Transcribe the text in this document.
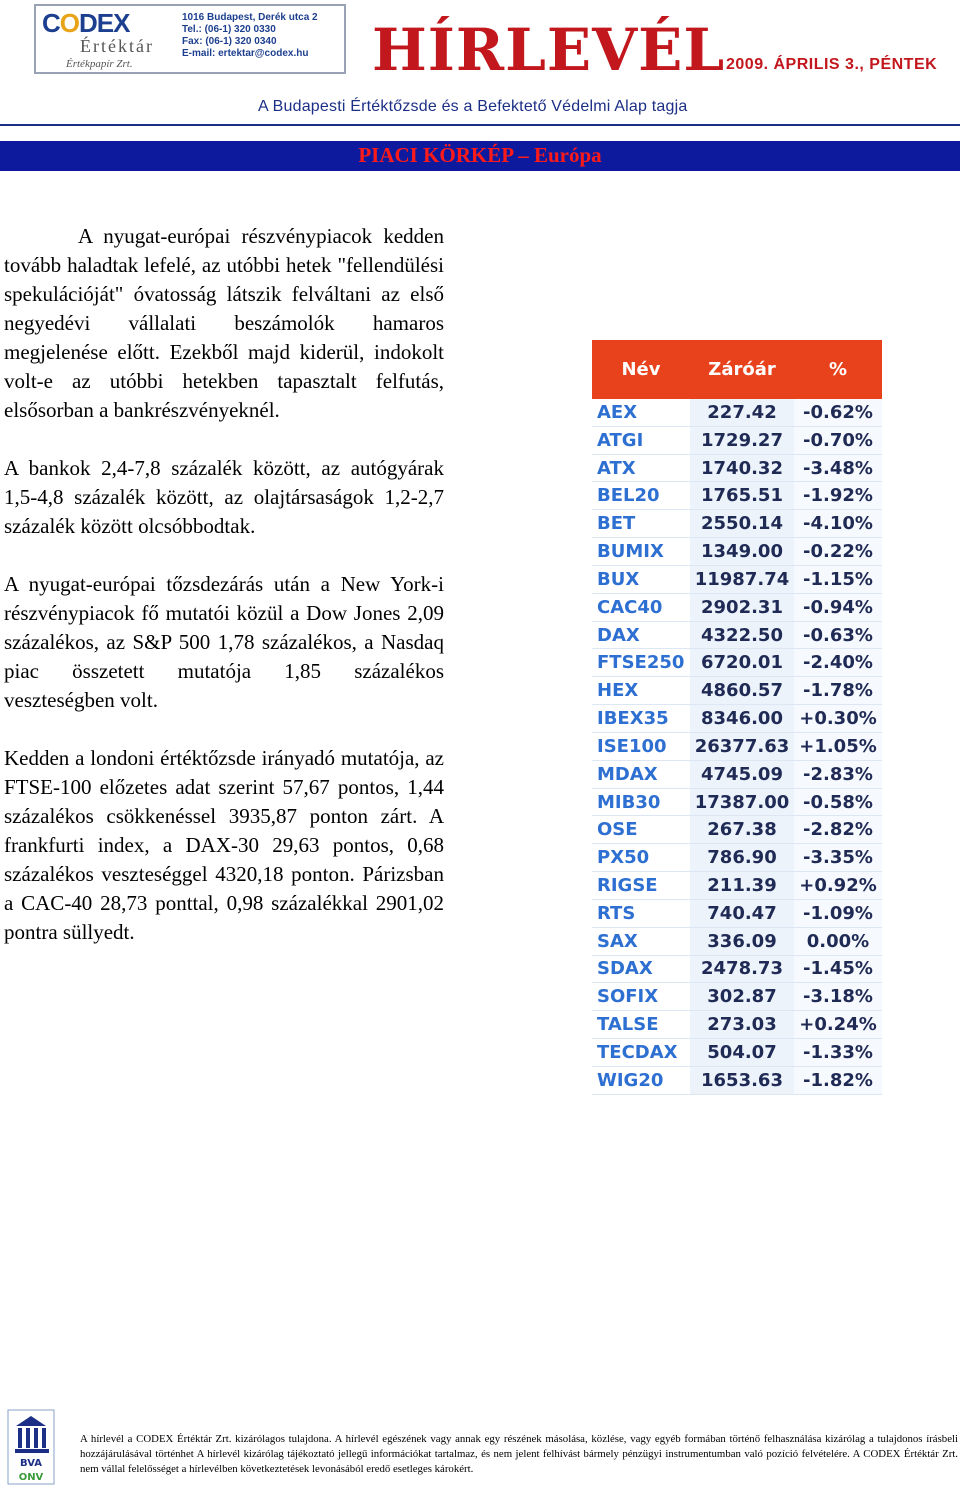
CODEX
Értéktár
Értékpapír Zrt.
1016 Budapest, Derék utca 2
Tel.: (06-1) 320 0330
Fax: (06-1) 320 0340
E-mail: ertektar@codex.hu HÍRLEVÉL 2009. ÁPRILIS 3., PÉNTEK
A Budapesti Értéktőzsde és a Befektető Védelmi Alap tagja
PIACI KÖRKÉP – Európa

A nyugat-európai részvénypiacok kedden tovább haladtak lefelé, az utóbbi hetek "fellendülési spekulációját" óvatosság látszik felváltani az első negyedévi vállalati beszámolók hamaros megjelenése előtt. Ezekből majd kiderül, indokolt volt-e az utóbbi hetekben tapasztalt felfutás, elsősorban a bankrészvényeknél.

A bankok 2,4-7,8 százalék között, az autógyárak 1,5-4,8 százalék között, az olajtársaságok 1,2-2,7 százalék között olcsóbbodtak.

A nyugat-európai tőzsdezárás után a New York-i részvénypiacok fő mutatói közül a Dow Jones 2,09 százalékos, az S&P 500 1,78 százalékos, a Nasdaq piac összetett mutatója 1,85 százalékos veszteségben volt.

Kedden a londoni értéktőzsde irányadó mutatója, az FTSE-100 előzetes adat szerint 57,67 pontos, 1,44 százalékos csökkenéssel 3935,87 ponton zárt. A frankfurti index, a DAX-30 29,63 pontos, 0,68 százalékos veszteséggel 4320,18 ponton. Párizsban a CAC-40 28,73 ponttal, 0,98 százalékkal 2901,02 pontra süllyedt.

Név	Záróár	%
AEX	227.42	-0.62%
ATGI	1729.27	-0.70%
ATX	1740.32	-3.48%
BEL20	1765.51	-1.92%
BET	2550.14	-4.10%
BUMIX	1349.00	-0.22%
BUX	11987.74	-1.15%
CAC40	2902.31	-0.94%
DAX	4322.50	-0.63%
FTSE250	6720.01	-2.40%
HEX	4860.57	-1.78%
IBEX35	8346.00	+0.30%
ISE100	26377.63	+1.05%
MDAX	4745.09	-2.83%
MIB30	17387.00	-0.58%
OSE	267.38	-2.82%
PX50	786.90	-3.35%
RIGSE	211.39	+0.92%
RTS	740.47	-1.09%
SAX	336.09	0.00%
SDAX	2478.73	-1.45%
SOFIX	302.87	-3.18%
TALSE	273.03	+0.24%
TECDAX	504.07	-1.33%
WIG20	1653.63	-1.82%
BVA
ONV
A hírlevél a CODEX Értéktár Zrt. kizárólagos tulajdona. A hírlevél egészének vagy annak egy részének másolása, közlése, vagy egyéb formában történő felhasználása kizárólag a tulajdonos írásbeli hozzájárulásával történhet A hírlevél kizárólag tájékoztató jellegű információkat tartalmaz, és nem jelent felhívást bármely pénzügyi instrumentumban való pozíció felvételére. A CODEX Értéktár Zrt. nem vállal felelősséget a hírlevélben következtetések levonásából eredő esetleges károkért.
